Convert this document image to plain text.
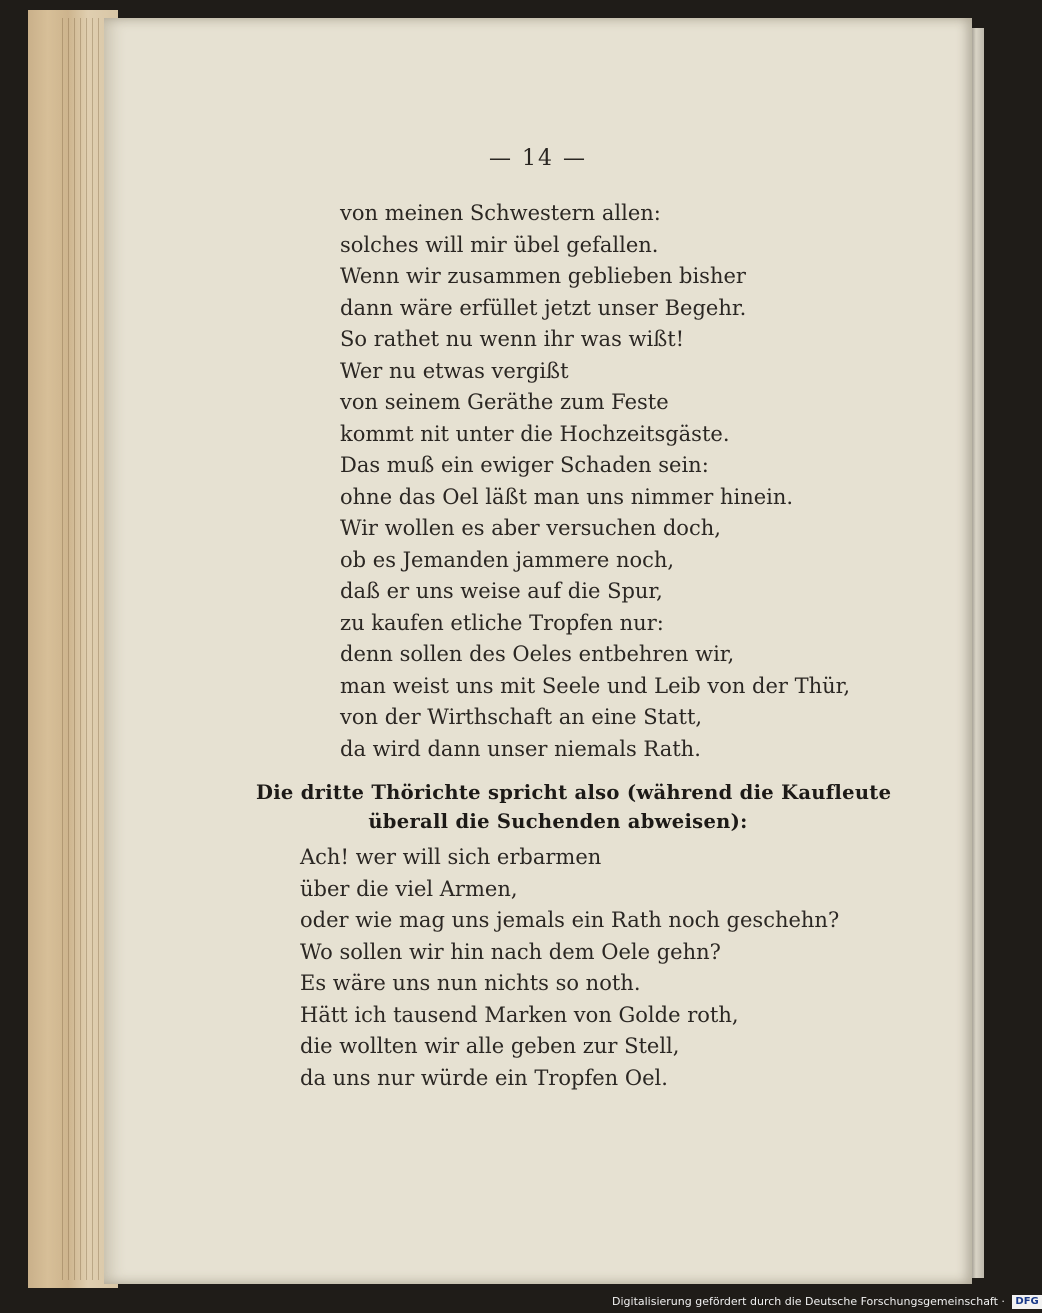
— 14 —
von meinen Schwestern allen:
solches will mir übel gefallen.
Wenn wir zusammen geblieben bisher
dann wäre erfüllet jetzt unser Begehr.
So rathet nu wenn ihr was wißt!
Wer nu etwas vergißt
von seinem Geräthe zum Feste
kommt nit unter die Hochzeitsgäste.
Das muß ein ewiger Schaden sein:
ohne das Oel läßt man uns nimmer hinein.
Wir wollen es aber versuchen doch,
ob es Jemanden jammere noch,
daß er uns weise auf die Spur,
zu kaufen etliche Tropfen nur:
denn sollen des Oeles entbehren wir,
man weist uns mit Seele und Leib von der Thür,
von der Wirthschaft an eine Statt,
da wird dann unser niemals Rath.
Die dritte Thörichte spricht also (während die Kaufleute
überall die Suchenden abweisen):
Ach! wer will sich erbarmen
über die viel Armen,
oder wie mag uns jemals ein Rath noch geschehn?
Wo sollen wir hin nach dem Oele gehn?
Es wäre uns nun nichts so noth.
Hätt ich tausend Marken von Golde roth,
die wollten wir alle geben zur Stell,
da uns nur würde ein Tropfen Oel.
Digitalisierung gefördert durch die Deutsche Forschungsgemeinschaft · DFG
